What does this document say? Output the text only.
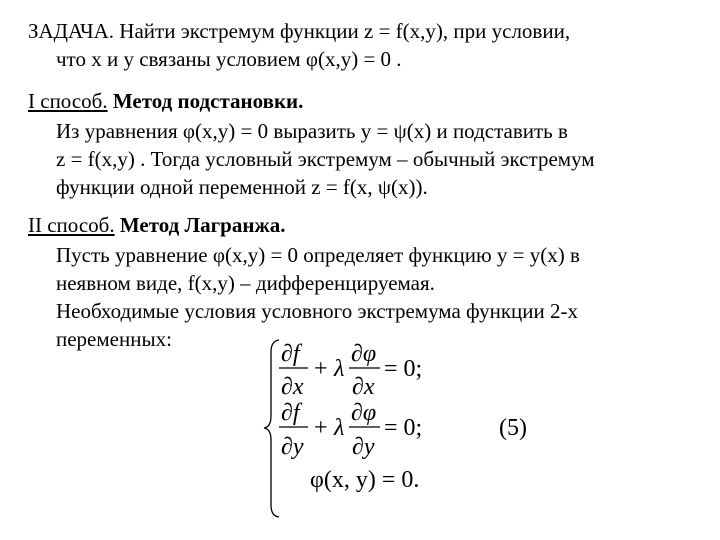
ЗАДАЧА. Найти экстремум функции z = f(x,y), при условии,
что x и y связаны условием φ(x,y) = 0 .
I способ. Метод подстановки.
Из уравнения φ(x,y) = 0 выразить y = ψ(x) и подставить в
z = f(x,y) . Тогда условный экстремум – обычный экстремум
функции одной переменной z = f(x, ψ(x)).
II способ. Метод Лагранжа.
Пусть уравнение φ(x,y) = 0 определяет функцию y = y(x) в
неявном виде, f(x,y) – дифференцируемая.
Необходимые условия условного экстремума функции 2-х
переменных:
∂f
∂x
+ λ
∂φ
∂x
= 0;
∂f
∂y
+ λ
∂φ
∂y
= 0;	(5)
φ(x, y) = 0.
